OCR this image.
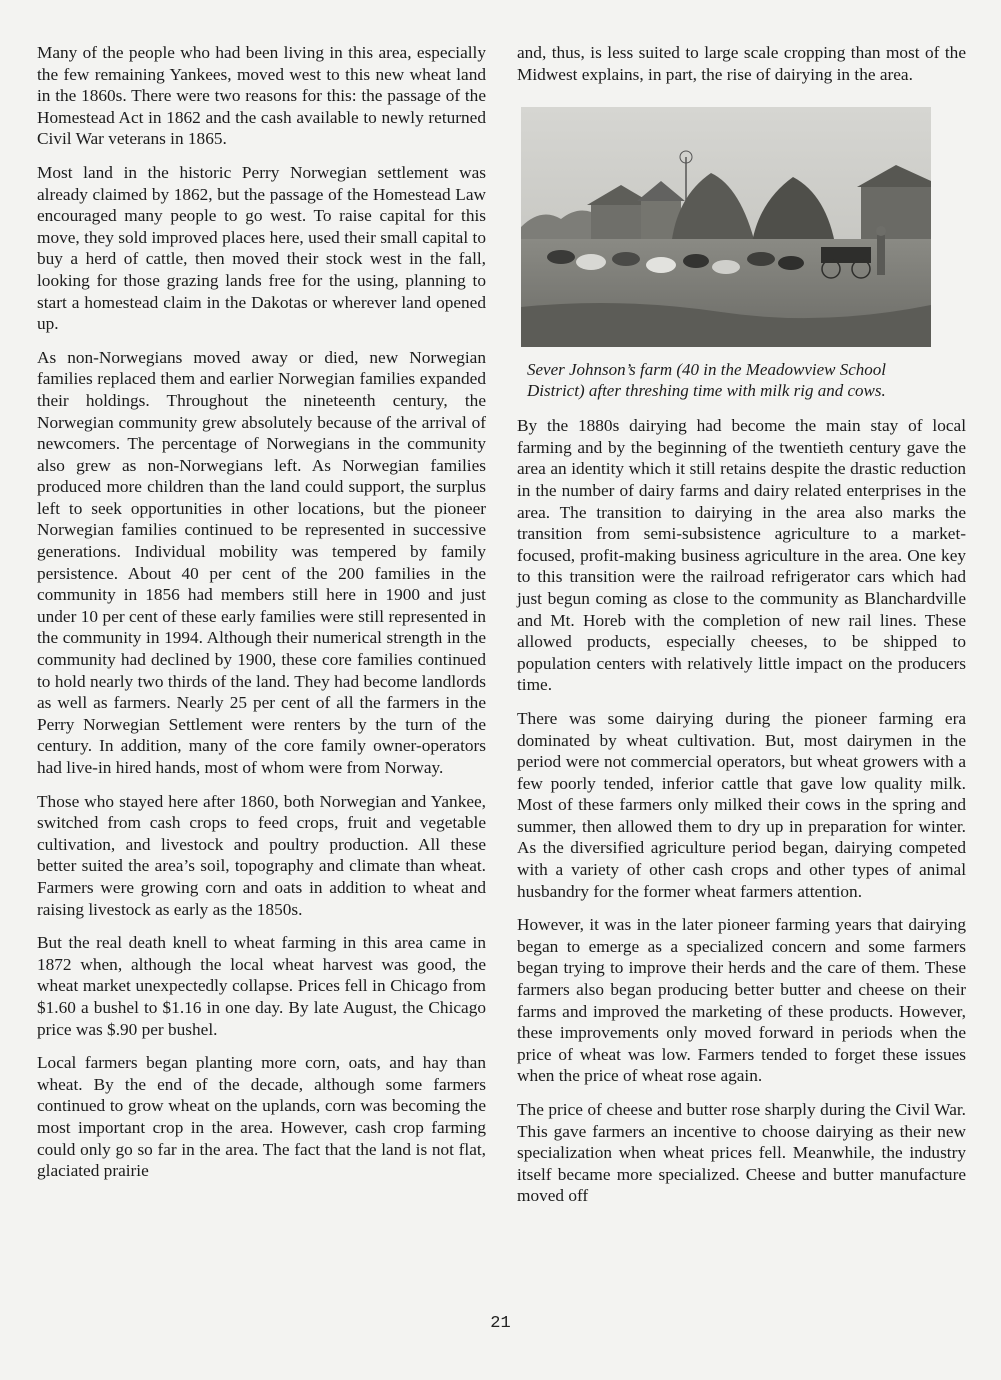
Many of the people who had been living in this area, especially the few remaining Yankees, moved west to this new wheat land in the 1860s. There were two reasons for this: the passage of the Homestead Act in 1862 and the cash available to newly returned Civil War veterans in 1865.

Most land in the historic Perry Norwegian settlement was already claimed by 1862, but the passage of the Homestead Law encouraged many people to go west. To raise capital for this move, they sold improved places here, used their small capital to buy a herd of cattle, then moved their stock west in the fall, looking for those grazing lands free for the using, planning to start a homestead claim in the Dakotas or wherever land opened up.

As non-Norwegians moved away or died, new Norwegian families replaced them and earlier Norwegian families expanded their holdings. Throughout the nineteenth century, the Norwegian community grew absolutely because of the arrival of newcomers. The percentage of Norwegians in the community also grew as non-Norwegians left. As Norwegian families produced more children than the land could support, the surplus left to seek opportunities in other locations, but the pioneer Norwegian families continued to be represented in successive generations. Individual mobility was tempered by family persistence. About 40 per cent of the 200 families in the community in 1856 had members still here in 1900 and just under 10 per cent of these early families were still represented in the community in 1994. Although their numerical strength in the community had declined by 1900, these core families continued to hold nearly two thirds of the land. They had become landlords as well as farmers. Nearly 25 per cent of all the farmers in the Perry Norwegian Settlement were renters by the turn of the century. In addition, many of the core family owner-operators had live-in hired hands, most of whom were from Norway.

Those who stayed here after 1860, both Norwegian and Yankee, switched from cash crops to feed crops, fruit and vegetable cultivation, and livestock and poultry production. All these better suited the area’s soil, topography and climate than wheat. Farmers were growing corn and oats in addition to wheat and raising livestock as early as the 1850s.

But the real death knell to wheat farming in this area came in 1872 when, although the local wheat harvest was good, the wheat market unexpectedly collapse. Prices fell in Chicago from $1.60 a bushel to $1.16 in one day. By late August, the Chicago price was $.90 per bushel.

Local farmers began planting more corn, oats, and hay than wheat. By the end of the decade, although some farmers continued to grow wheat on the uplands, corn was becoming the most important crop in the area. However, cash crop farming could only go so far in the area. The fact that the land is not flat, glaciated prairie

and, thus, is less suited to large scale cropping than most of the Midwest explains, in part, the rise of dairying in the area.

Sever Johnson’s farm (40 in the Meadowview School District) after threshing time with milk rig and cows.

By the 1880s dairying had become the main stay of local farming and by the beginning of the twentieth century gave the area an identity which it still retains despite the drastic reduction in the number of dairy farms and dairy related enterprises in the area. The transition to dairying in the area also marks the transition from semi-subsistence agriculture to a market-focused, profit-making business agriculture in the area. One key to this transition were the railroad refrigerator cars which had just begun coming as close to the community as Blanchardville and Mt. Horeb with the completion of new rail lines. These allowed products, especially cheeses, to be shipped to population centers with relatively little impact on the producers time.

There was some dairying during the pioneer farming era dominated by wheat cultivation. But, most dairymen in the period were not commercial operators, but wheat growers with a few poorly tended, inferior cattle that gave low quality milk. Most of these farmers only milked their cows in the spring and summer, then allowed them to dry up in preparation for winter. As the diversified agriculture period began, dairying competed with a variety of other cash crops and other types of animal husbandry for the former wheat farmers attention.

However, it was in the later pioneer farming years that dairying began to emerge as a specialized concern and some farmers began trying to improve their herds and the care of them. These farmers also began producing better butter and cheese on their farms and improved the marketing of these products. However, these improvements only moved forward in periods when the price of wheat was low. Farmers tended to forget these issues when the price of wheat rose again.

The price of cheese and butter rose sharply during the Civil War. This gave farmers an incentive to choose dairying as their new specialization when wheat prices fell. Meanwhile, the industry itself became more specialized. Cheese and butter manufacture moved off

21
